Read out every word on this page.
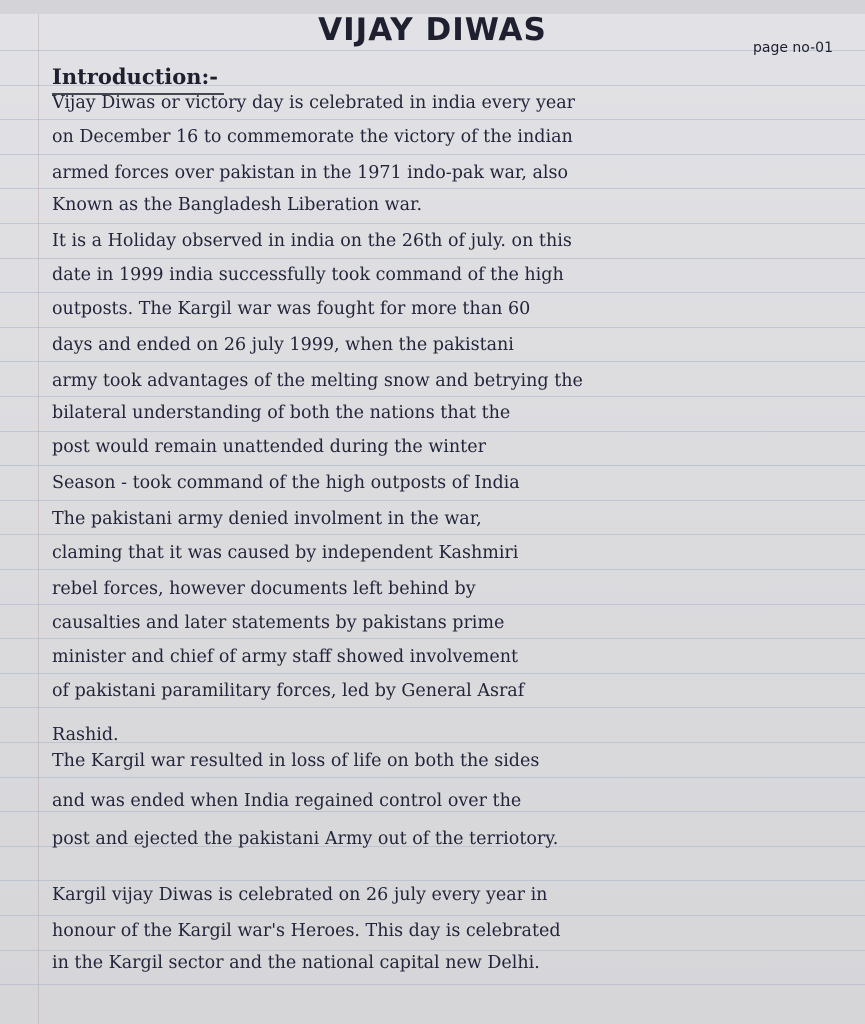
VIJAY DIWAS	page no-01
Introduction:-
Vijay Diwas or victory day is celebrated in india every year
on December 16 to commemorate the victory of the indian
armed forces over pakistan in the 1971 indo-pak war, also
Known as the Bangladesh Liberation war.
It is a Holiday observed in india on the 26th of july. on this
date in 1999 india successfully took command of the high
outposts. The Kargil war was fought for more than 60
days and ended on 26 july 1999, when the pakistani
army took advantages of the melting snow and betrying the
bilateral understanding of both the nations that the
post would remain unattended during the winter
Season - took command of the high outposts of India
The pakistani army denied involment in the war,
claming that it was caused by independent Kashmiri
rebel forces, however documents left behind by
causalties and later statements by pakistans prime
minister and chief of army staff showed involvement
of pakistani paramilitary forces, led by General Asraf
Rashid.
The Kargil war resulted in loss of life on both the sides
and was ended when India regained control over the
post and ejected the pakistani Army out of the terriotory.
Kargil vijay Diwas is celebrated on 26 july every year in
honour of the Kargil war's Heroes. This day is celebrated
in the Kargil sector and the national capital new Delhi.
